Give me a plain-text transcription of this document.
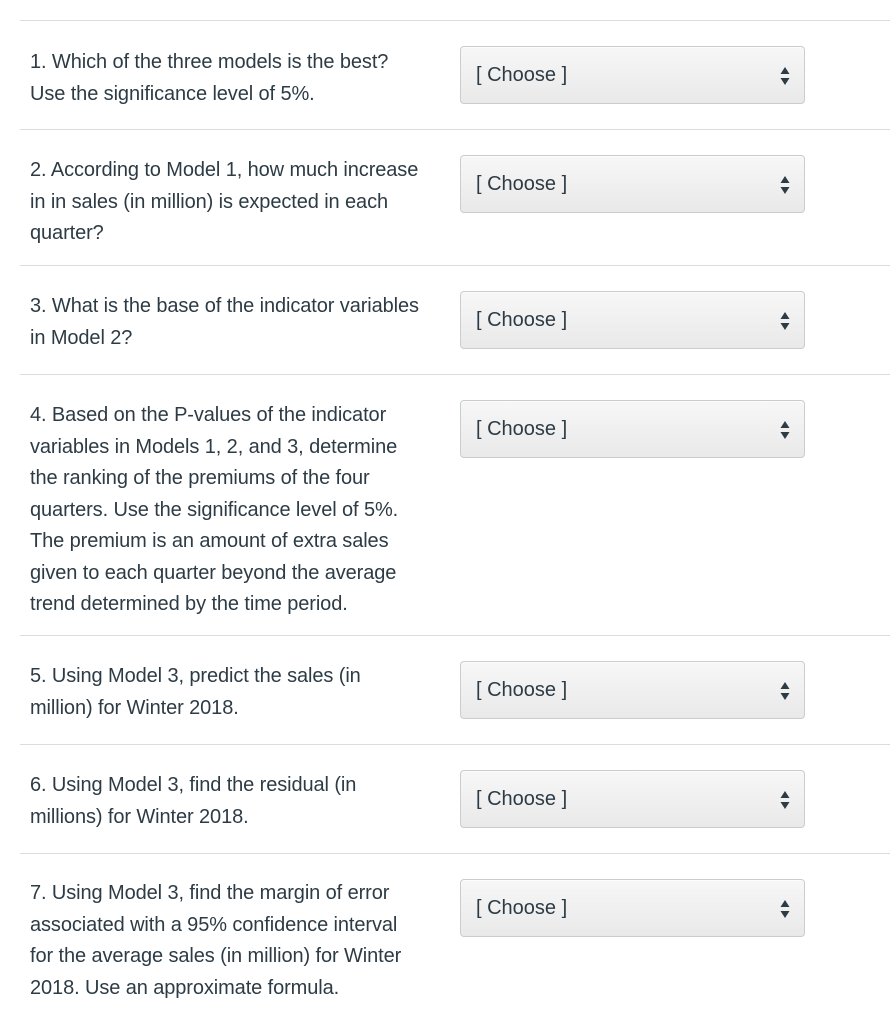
1. Which of the three models is the best?
Use the significance level of 5%.
[ Choose ]
2. According to Model 1, how much increase
in in sales (in million) is expected in each
quarter?
[ Choose ]
3. What is the base of the indicator variables
in Model 2?
[ Choose ]
4. Based on the P-values of the indicator
variables in Models 1, 2, and 3, determine
the ranking of the premiums of the four
quarters. Use the significance level of 5%.
The premium is an amount of extra sales
given to each quarter beyond the average
trend determined by the time period.
[ Choose ]
5. Using Model 3, predict the sales (in
million) for Winter 2018.
[ Choose ]
6. Using Model 3, find the residual (in
millions) for Winter 2018.
[ Choose ]
7. Using Model 3, find the margin of error
associated with a 95% confidence interval
for the average sales (in million) for Winter
2018. Use an approximate formula.
[ Choose ]
